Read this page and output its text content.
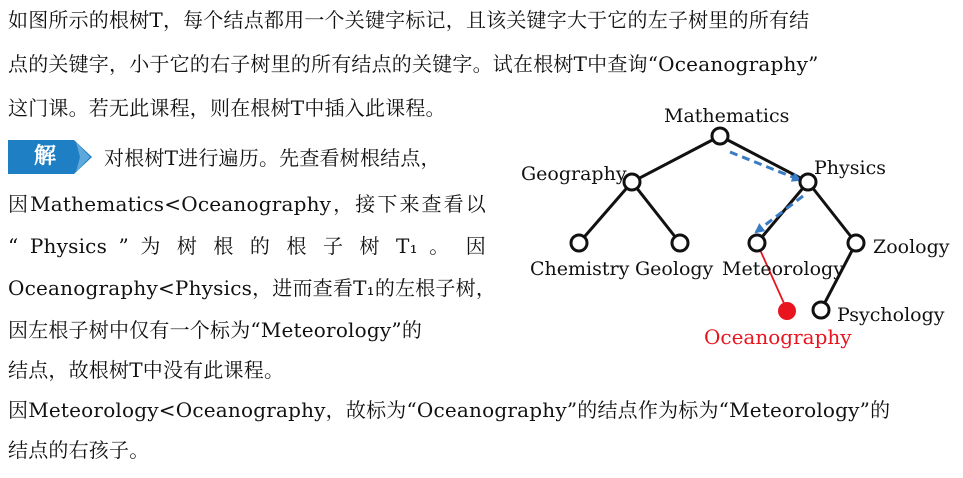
如图所示的根树T，每个结点都用一个关键字标记，且该关键字大于它的左子树里的所有结
点的关键字，小于它的右子树里的所有结点的关键字。试在根树T中查询“Oceanography”
这门课。若无此课程，则在根树T中插入此课程。
解	对根树T进行遍历。先查看树根结点，
因Mathematics<Oceanography，接下来查看以
“ Physics ” 为 树 根 的 根 子 树 T₁ 。 因
Oceanography<Physics，进而查看T₁的左根子树，
因左根子树中仅有一个标为“Meteorology”的
结点，故根树T中没有此课程。
因Meteorology<Oceanography，故标为“Oceanography”的结点作为标为“Meteorology”的
结点的右孩子。
Mathematics
Geography	Physics
Chemistry Geology Meteorology
Zoology
Psychology
Oceanography
